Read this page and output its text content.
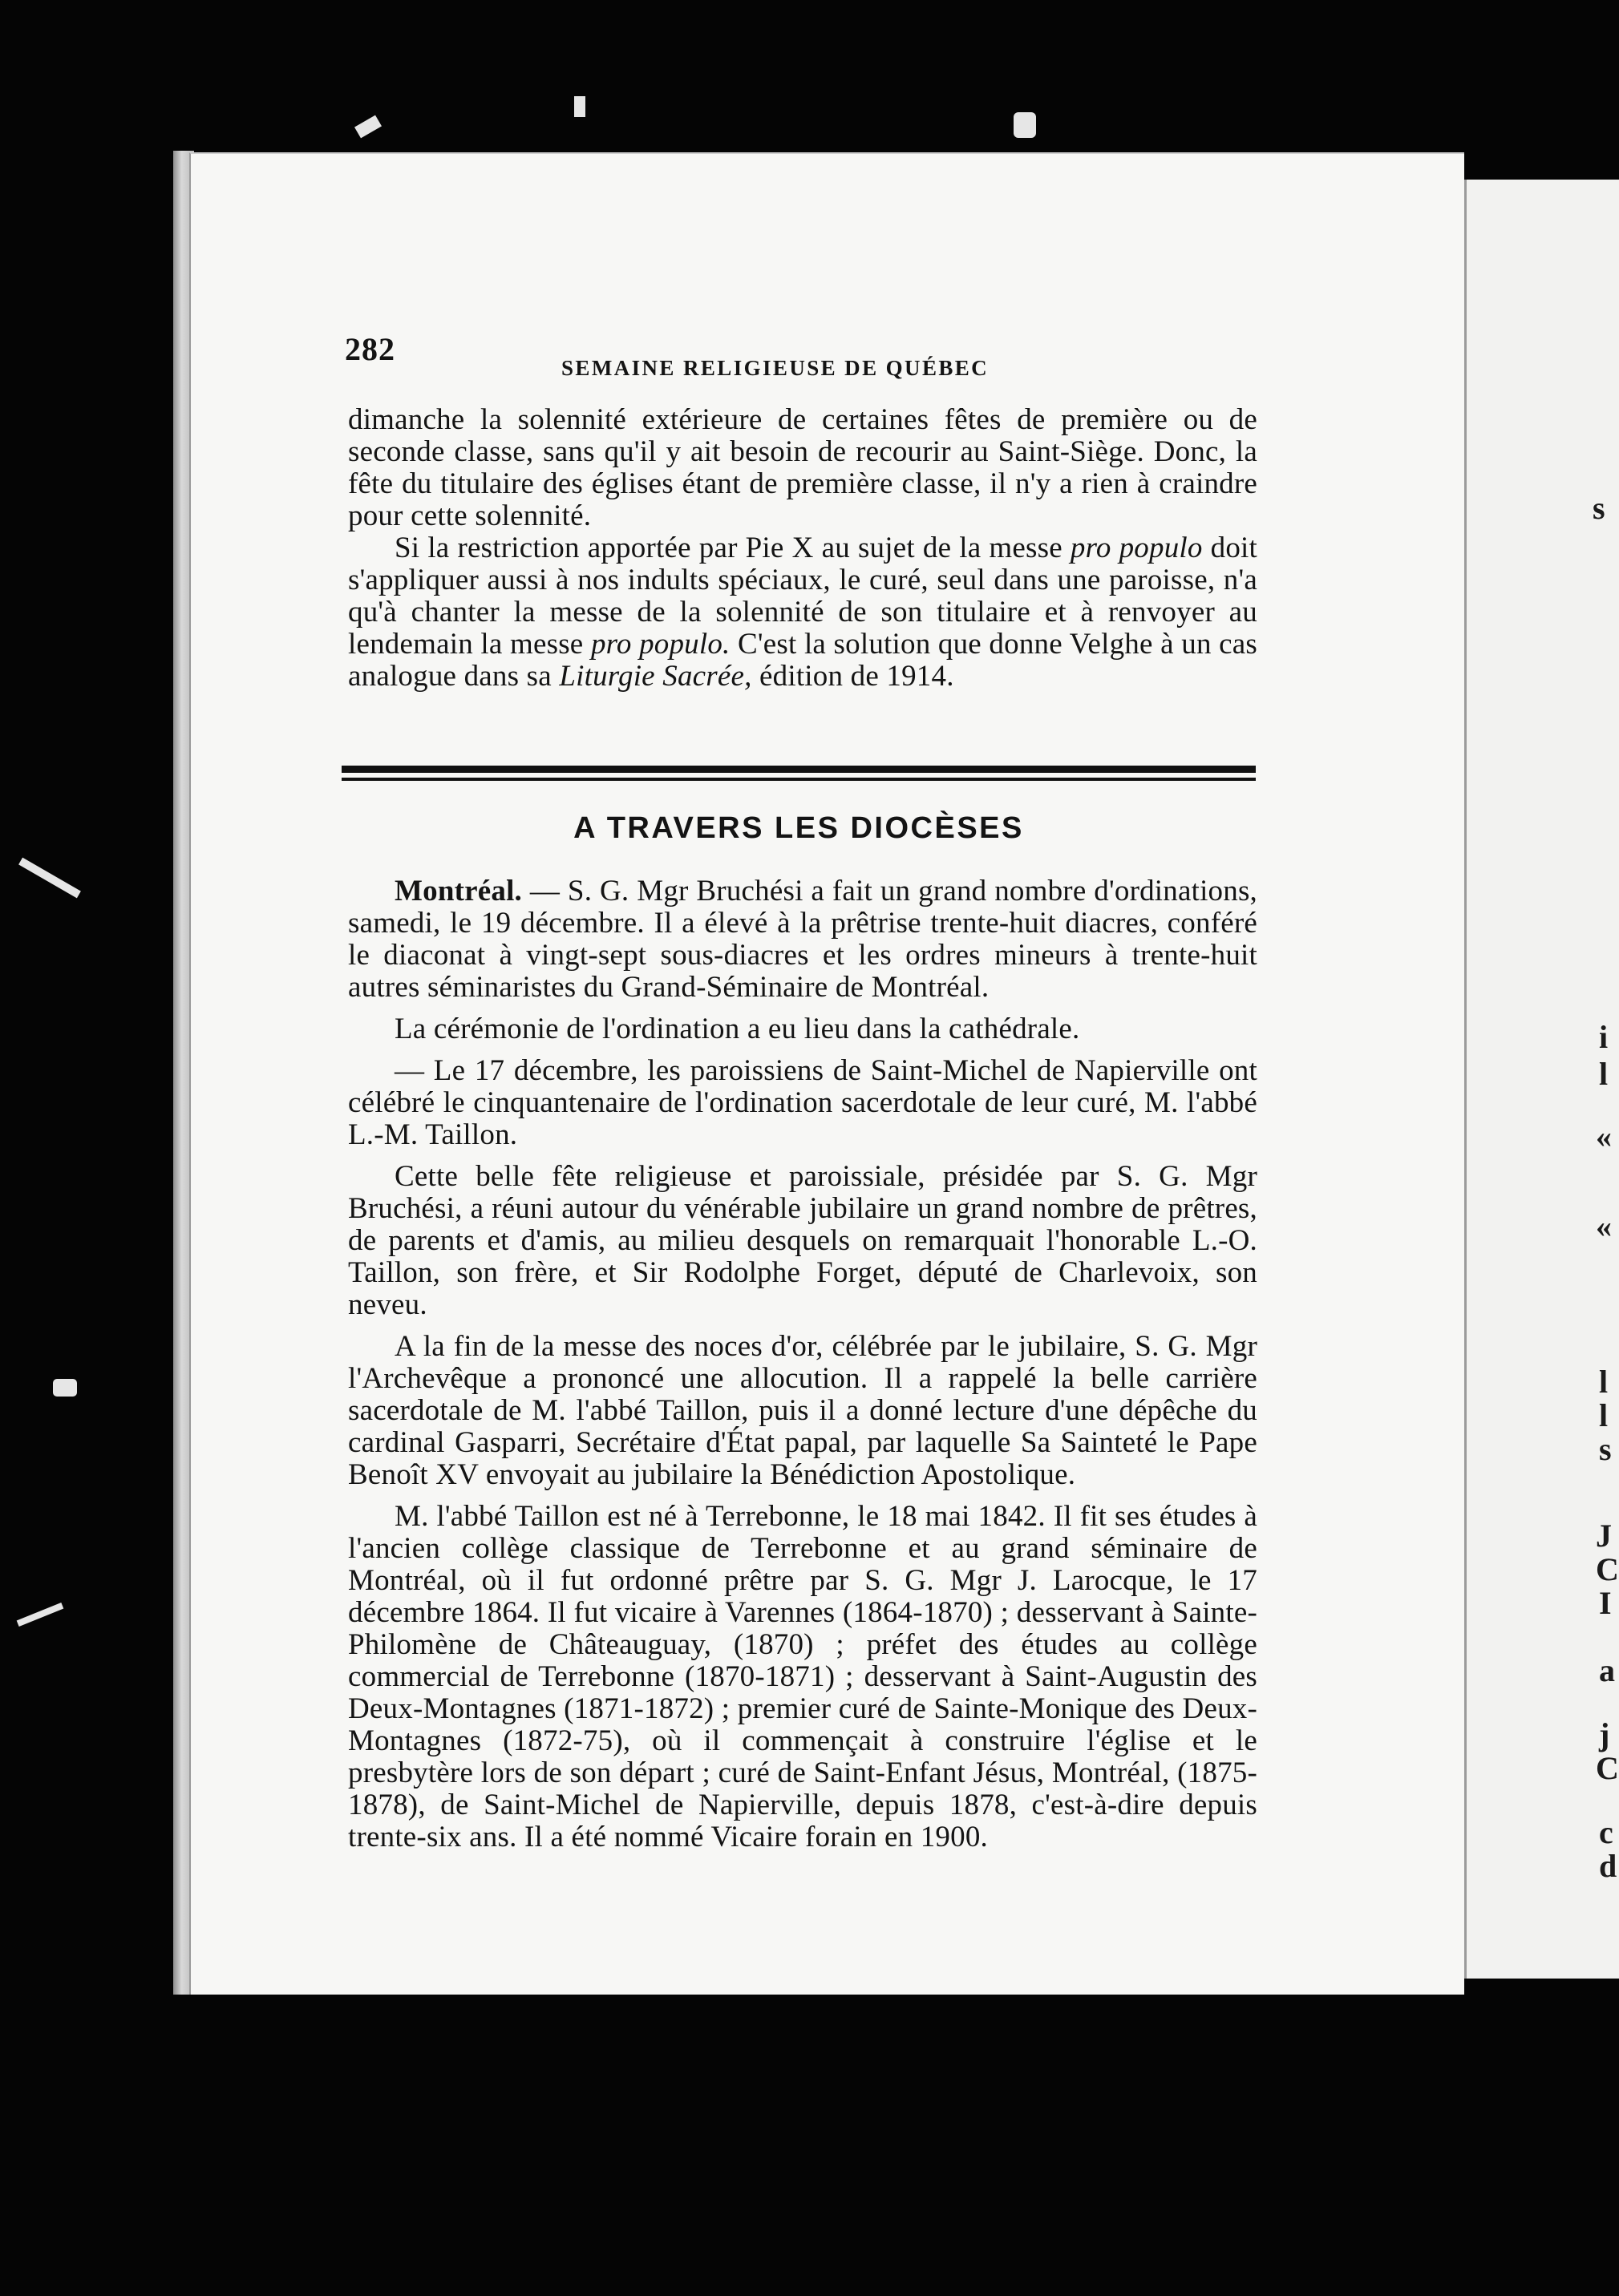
s
i
l
«
«
l
l
s
J
C
I
a
j
C
c
d
282
SEMAINE RELIGIEUSE DE QUÉBEC

dimanche la solennité extérieure de certaines fêtes de première ou de seconde classe, sans qu'il y ait besoin de recourir au Saint-Siège. Donc, la fête du titulaire des églises étant de première classe, il n'y a rien à craindre pour cette solennité.

Si la restriction apportée par Pie X au sujet de la messe pro populo doit s'appliquer aussi à nos indults spéciaux, le curé, seul dans une paroisse, n'a qu'à chanter la messe de la solennité de son titulaire et à renvoyer au lendemain la messe pro populo. C'est la solution que donne Velghe à un cas analogue dans sa Liturgie Sacrée, édition de 1914.

A TRAVERS LES DIOCÈSES

Montréal. — S. G. Mgr Bruchési a fait un grand nombre d'ordinations, samedi, le 19 décembre. Il a élevé à la prêtrise trente-huit diacres, conféré le diaconat à vingt-sept sous-diacres et les ordres mineurs à trente-huit autres séminaristes du Grand-Séminaire de Montréal.

La cérémonie de l'ordination a eu lieu dans la cathédrale.

— Le 17 décembre, les paroissiens de Saint-Michel de Napierville ont célébré le cinquantenaire de l'ordination sacerdotale de leur curé, M. l'abbé L.-M. Taillon.

Cette belle fête religieuse et paroissiale, présidée par S. G. Mgr Bruchési, a réuni autour du vénérable jubilaire un grand nombre de prêtres, de parents et d'amis, au milieu desquels on remarquait l'honorable L.-O. Taillon, son frère, et Sir Rodolphe Forget, député de Charlevoix, son neveu.

A la fin de la messe des noces d'or, célébrée par le jubilaire, S. G. Mgr l'Archevêque a prononcé une allocution. Il a rappelé la belle carrière sacerdotale de M. l'abbé Taillon, puis il a donné lecture d'une dépêche du cardinal Gasparri, Secrétaire d'État papal, par laquelle Sa Sainteté le Pape Benoît XV envoyait au jubilaire la Bénédiction Apostolique.

M. l'abbé Taillon est né à Terrebonne, le 18 mai 1842. Il fit ses études à l'ancien collège classique de Terrebonne et au grand séminaire de Montréal, où il fut ordonné prêtre par S. G. Mgr J. Larocque, le 17 décembre 1864. Il fut vicaire à Varennes (1864-1870) ; desservant à Sainte-Philomène de Châteauguay, (1870) ; préfet des études au collège commercial de Terrebonne (1870-1871) ; desservant à Saint-Augustin des Deux-Montagnes (1871-1872) ; premier curé de Sainte-Monique des Deux-Montagnes (1872-75), où il commençait à construire l'église et le presbytère lors de son départ ; curé de Saint-Enfant Jésus, Montréal, (1875-1878), de Saint-Michel de Napierville, depuis 1878, c'est-à-dire depuis trente-six ans. Il a été nommé Vicaire forain en 1900.
